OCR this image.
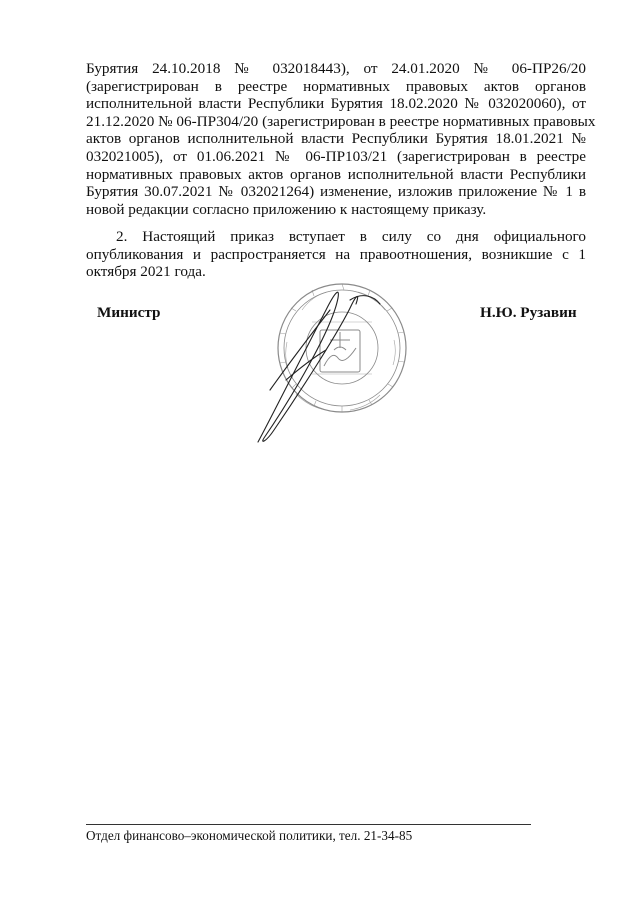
Бурятия 24.10.2018 № 032018443), от 24.01.2020 № 06-ПР26/20
(зарегистрирован в реестре нормативных правовых актов органов
исполнительной власти Республики Бурятия 18.02.2020 № 032020060), от
21.12.2020 № 06-ПР304/20 (зарегистрирован в реестре нормативных правовых
актов органов исполнительной власти Республики Бурятия 18.01.2021 №
032021005), от 01.06.2021 № 06-ПР103/21 (зарегистрирован в реестре
нормативных правовых актов органов исполнительной власти Республики
Бурятия 30.07.2021 № 032021264) изменение, изложив приложение № 1 в
новой редакции согласно приложению к настоящему приказу.
2. Настоящий приказ вступает в силу со дня официального
опубликования и распространяется на правоотношения, возникшие с 1
октября 2021 года.
Министр	Н.Ю. Рузавин
Отдел финансово–экономической политики, тел. 21-34-85
